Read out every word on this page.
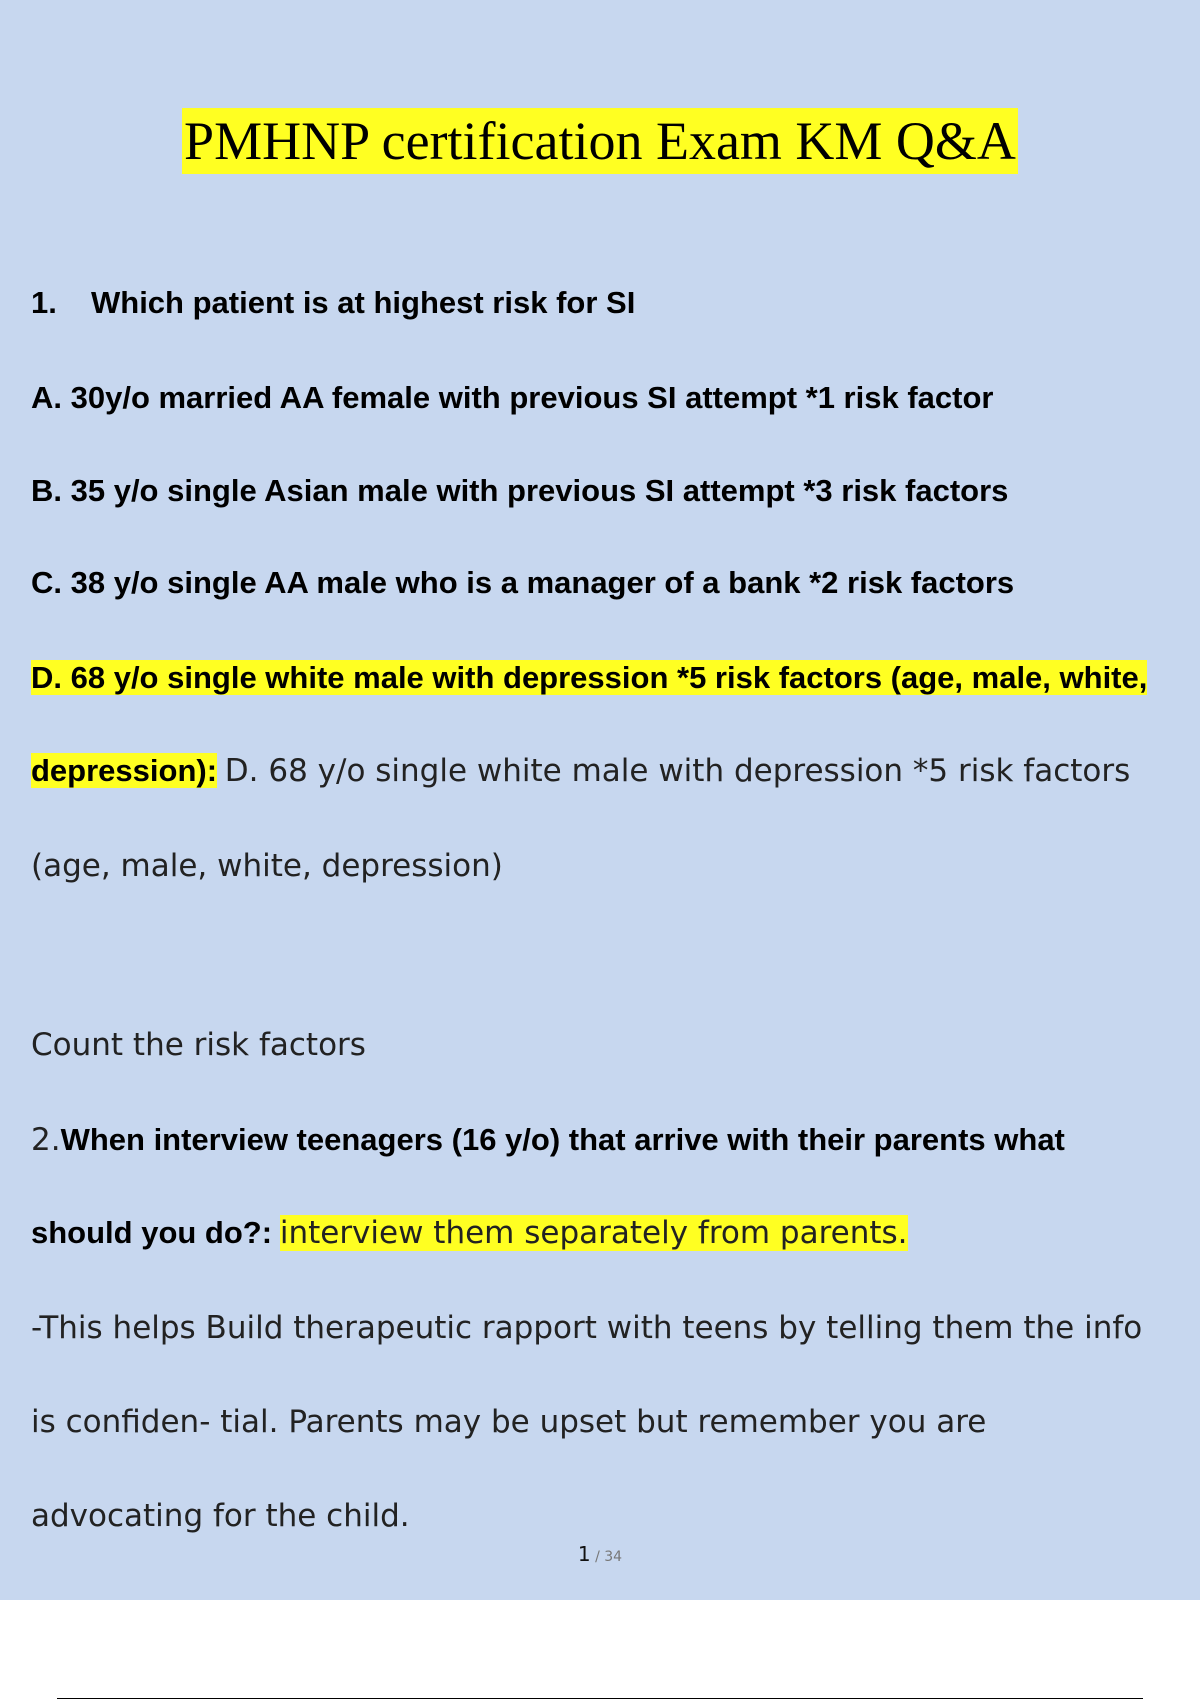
PMHNP certification Exam KM Q&A
1. Which patient is at highest risk for SI
A. 30y/o married AA female with previous SI attempt *1 risk factor
B. 35 y/o single Asian male with previous SI attempt *3 risk factors
C. 38 y/o single AA male who is a manager of a bank *2 risk factors
D. 68 y/o single white male with depression *5 risk factors (age, male, white,
depression): D. 68 y/o single white male with depression *5 risk factors
(age, male, white, depression)
Count the risk factors
2.When interview teenagers (16 y/o) that arrive with their parents what
should you do?: interview them separately from parents.
-This helps Build therapeutic rapport with teens by telling them the info
is confiden- tial. Parents may be upset but remember you are
advocating for the child.
1 / 34
